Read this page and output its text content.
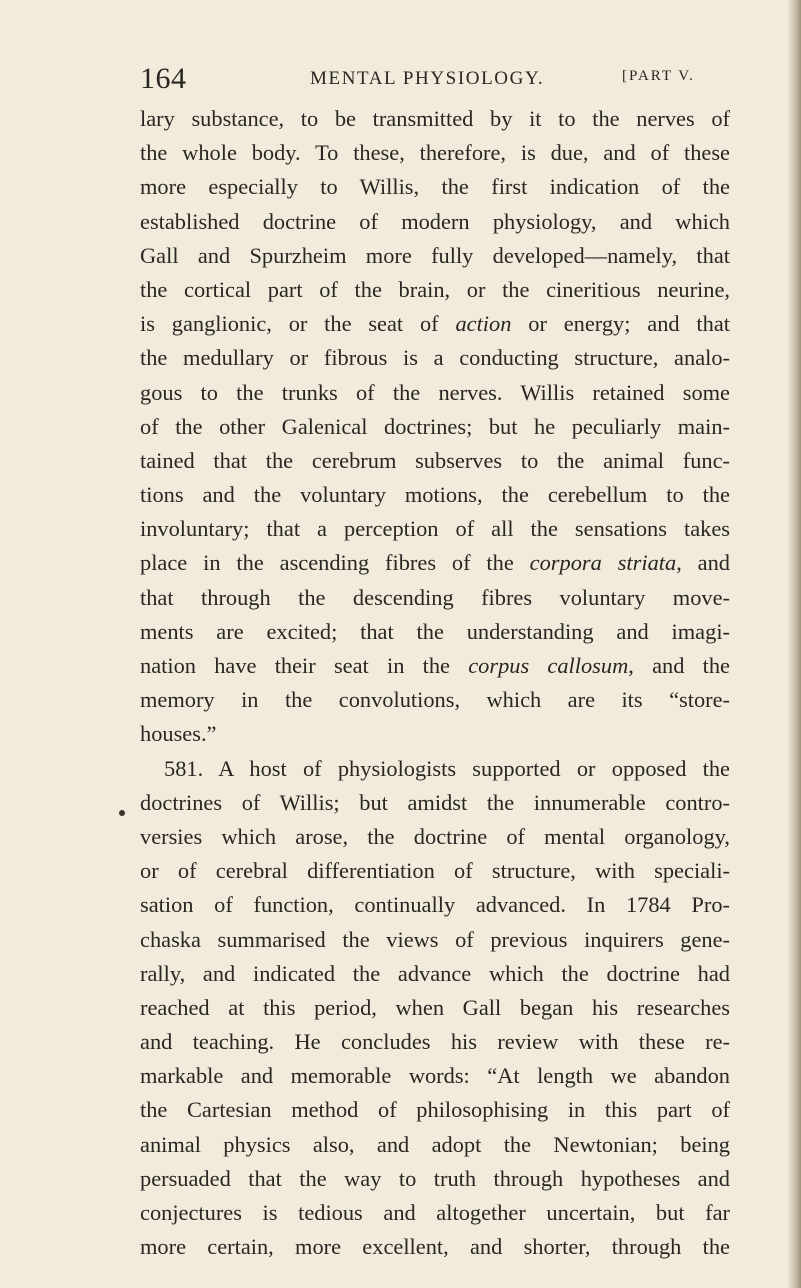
164	MENTAL PHYSIOLOGY.	[PART V.
lary substance, to be transmitted by it to the nerves of
the whole body. To these, therefore, is due, and of these
more especially to Willis, the first indication of the
established doctrine of modern physiology, and which
Gall and Spurzheim more fully developed—namely, that
the cortical part of the brain, or the cineritious neurine,
is ganglionic, or the seat of action or energy; and that
the medullary or fibrous is a conducting structure, analo-
gous to the trunks of the nerves. Willis retained some
of the other Galenical doctrines; but he peculiarly main-
tained that the cerebrum subserves to the animal func-
tions and the voluntary motions, the cerebellum to the
involuntary; that a perception of all the sensations takes
place in the ascending fibres of the corpora striata, and
that through the descending fibres voluntary move-
ments are excited; that the understanding and imagi-
nation have their seat in the corpus callosum, and the
memory in the convolutions, which are its “store-
houses.”
581. A host of physiologists supported or opposed the
doctrines of Willis; but amidst the innumerable contro-
versies which arose, the doctrine of mental organology,
or of cerebral differentiation of structure, with speciali-
sation of function, continually advanced. In 1784 Pro-
chaska summarised the views of previous inquirers gene-
rally, and indicated the advance which the doctrine had
reached at this period, when Gall began his researches
and teaching. He concludes his review with these re-
markable and memorable words: “At length we abandon
the Cartesian method of philosophising in this part of
animal physics also, and adopt the Newtonian; being
persuaded that the way to truth through hypotheses and
conjectures is tedious and altogether uncertain, but far
more certain, more excellent, and shorter, through the
